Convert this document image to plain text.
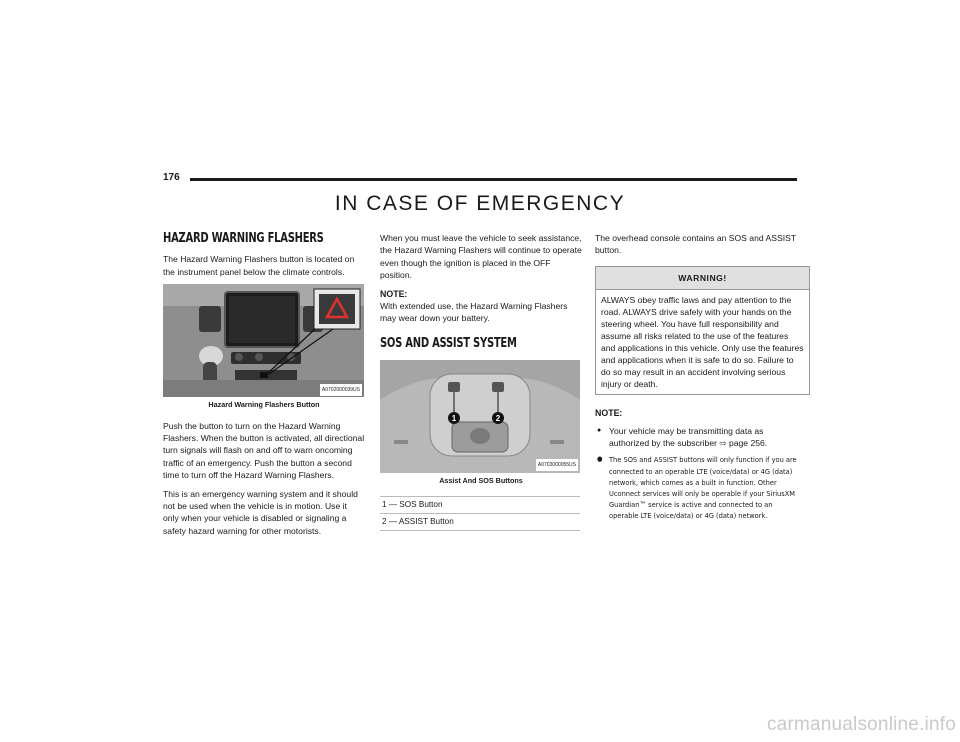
176
IN CASE OF EMERGENCY
HAZARD WARNING FLASHERS

The Hazard Warning Flashers button is located on the instrument panel below the climate controls.

A0702000039US
Hazard Warning Flashers Button

Push the button to turn on the Hazard Warning Flashers. When the button is activated, all directional turn signals will flash on and off to warn oncoming traffic of an emergency. Push the button a second time to turn off the Hazard Warning Flashers.

This is an emergency warning system and it should not be used when the vehicle is in motion. Use it only when your vehicle is disabled or signaling a safety hazard warning for other motorists.

When you must leave the vehicle to seek assistance, the Hazard Warning Flashers will continue to operate even though the ignition is placed in the OFF position.

NOTE:

With extended use, the Hazard Warning Flashers may wear down your battery.

SOS AND ASSIST SYSTEM
1	2
A0703000055US
Assist And SOS Buttons
1 — SOS Button
2 — ASSIST Button

The overhead console contains an SOS and ASSIST button.

WARNING!
ALWAYS obey traffic laws and pay attention to the road. ALWAYS drive safely with your hands on the steering wheel. You have full responsibility and assume all risks related to the use of the features and applications in this vehicle. Only use the features and applications when it is safe to do so. Failure to do so may result in an accident involving serious injury or death.
NOTE:
● Your vehicle may be transmitting data as authorized by the subscriber ⇨ page 256.
● The SOS and ASSIST buttons will only function if you are connected to an operable LTE (voice/data) or 4G (data) network, which comes as a built in function. Other Uconnect services will only be operable if your SiriusXM Guardian™ service is active and connected to an operable LTE (voice/data) or 4G (data) network.
carmanualsonline.info
